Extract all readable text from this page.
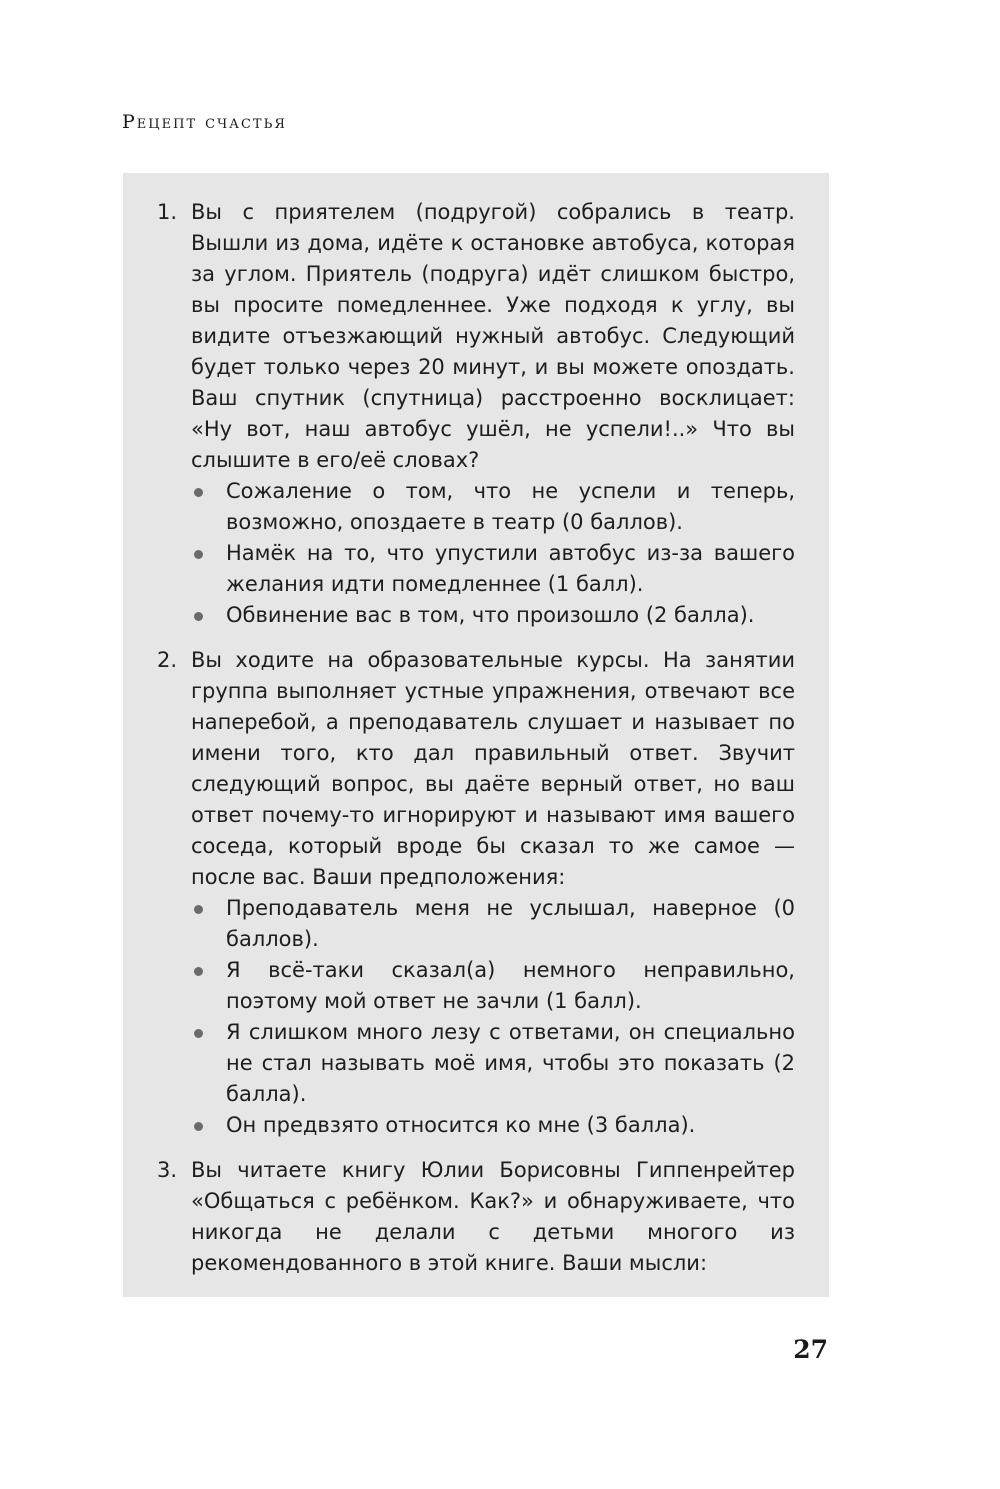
Рецепт счастья
1. Вы с приятелем (подругой) собрались в театр. Вышли из дома, идёте к остановке автобуса, которая за углом. Приятель (подруга) идёт слишком быстро, вы просите помедленнее. Уже подходя к углу, вы видите отъезжающий нужный автобус. Следующий будет только через 20 минут, и вы можете опоздать. Ваш спутник (спутница) расстроенно восклицает: «Ну вот, наш автобус ушёл, не успели!..» Что вы слышите в его/её словах?

Сожаление о том, что не успели и теперь, возможно, опоздаете в театр (0 баллов).
Намёк на то, что упустили автобус из-за вашего желания идти помедленнее (1 балл).
Обвинение вас в том, что произошло (2 балла).
2. Вы ходите на образовательные курсы. На занятии группа выполняет устные упражнения, отвечают все наперебой, а преподаватель слушает и называет по имени того, кто дал правильный ответ. Звучит следующий вопрос, вы даёте верный ответ, но ваш ответ почему-то игнорируют и называют имя вашего соседа, который вроде бы сказал то же самое — после вас. Ваши предположения:

Преподаватель меня не услышал, наверное (0 баллов).
Я всё-таки сказал(а) немного неправильно, поэтому мой ответ не зачли (1 балл).
Я слишком много лезу с ответами, он специально не стал называть моё имя, чтобы это показать (2 балла).
Он предвзято относится ко мне (3 балла).
3. Вы читаете книгу Юлии Борисовны Гиппенрейтер «Общаться с ребёнком. Как?» и обнаруживаете, что никогда не делали с детьми многого из рекомендованного в этой книге. Ваши мысли:

27
